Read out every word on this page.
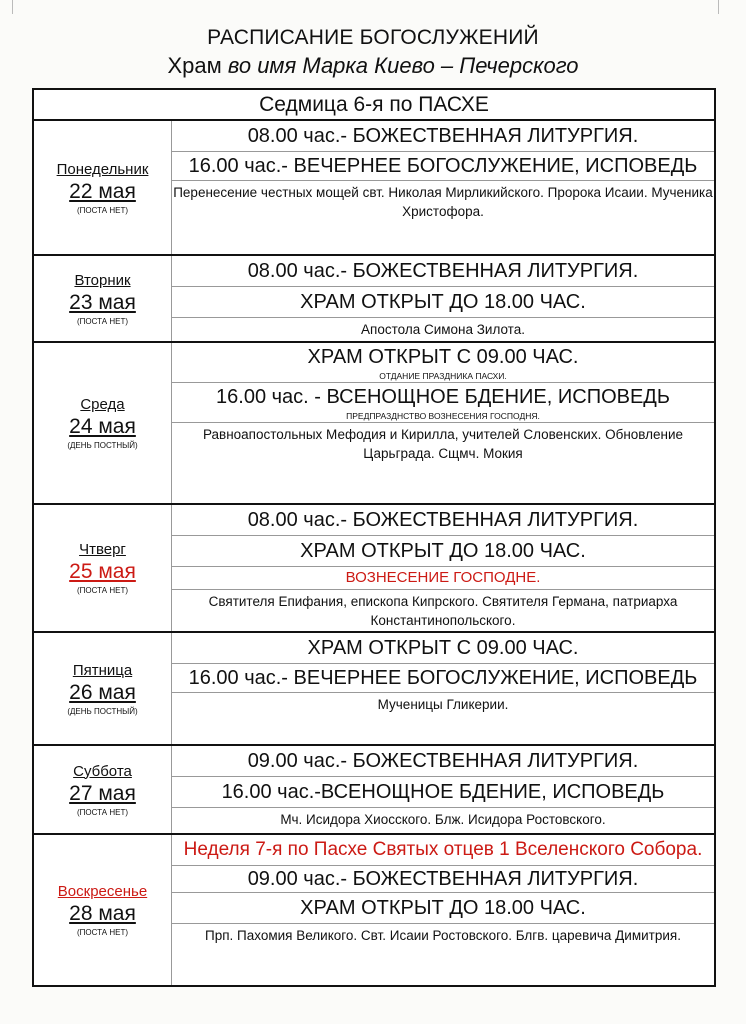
РАСПИСАНИЕ БОГОСЛУЖЕНИЙ
Храм во имя Марка Киево – Печерского
Седмица 6-я по ПАСХЕ
Понедельник
22 мая
(ПОСТА НЕТ)
08.00 час.- БОЖЕСТВЕННАЯ ЛИТУРГИЯ.
16.00 час.- ВЕЧЕРНЕЕ БОГОСЛУЖЕНИЕ, ИСПОВЕДЬ
Перенесение честных мощей свт. Николая Мирликийского. Пророка Исаии. Мученика Христофора.
Вторник
23 мая
(ПОСТА НЕТ)
08.00 час.- БОЖЕСТВЕННАЯ ЛИТУРГИЯ.
ХРАМ ОТКРЫТ ДО 18.00 ЧАС.
Апостола Симона Зилота.
Среда
24 мая
(ДЕНЬ ПОСТНЫЙ)
ХРАМ ОТКРЫТ С 09.00 ЧАС.
ОТДАНИЕ ПРАЗДНИКА ПАСХИ.
16.00 час. - ВСЕНОЩНОЕ БДЕНИЕ, ИСПОВЕДЬ
ПРЕДПРАЗДНСТВО ВОЗНЕСЕНИЯ ГОСПОДНЯ.
Равноапостольных Мефодия и Кирилла, учителей Словенских. Обновление Царьграда. Сщмч. Мокия
Чтверг
25 мая
(ПОСТА НЕТ)
08.00 час.- БОЖЕСТВЕННАЯ ЛИТУРГИЯ.
ХРАМ ОТКРЫТ ДО 18.00 ЧАС.
ВОЗНЕСЕНИЕ ГОСПОДНЕ.
Святителя Епифания, епископа Кипрского. Святителя Германа, патриарха Константинопольского.
Пятница
26 мая
(ДЕНЬ ПОСТНЫЙ)
ХРАМ ОТКРЫТ С 09.00 ЧАС.
16.00 час.- ВЕЧЕРНЕЕ БОГОСЛУЖЕНИЕ, ИСПОВЕДЬ
Мученицы Гликерии.
Суббота
27 мая
(ПОСТА НЕТ)
09.00 час.- БОЖЕСТВЕННАЯ ЛИТУРГИЯ.
16.00 час.-ВСЕНОЩНОЕ БДЕНИЕ, ИСПОВЕДЬ
Мч. Исидора Хиосского. Блж. Исидора Ростовского.
Воскресенье
28 мая
(ПОСТА НЕТ)
Неделя 7-я по Пасхе Святых отцев 1 Вселенского Собора.
09.00 час.- БОЖЕСТВЕННАЯ ЛИТУРГИЯ.
ХРАМ ОТКРЫТ ДО 18.00 ЧАС.
Прп. Пахомия Великого. Свт. Исаии Ростовского. Блгв. царевича Димитрия.
